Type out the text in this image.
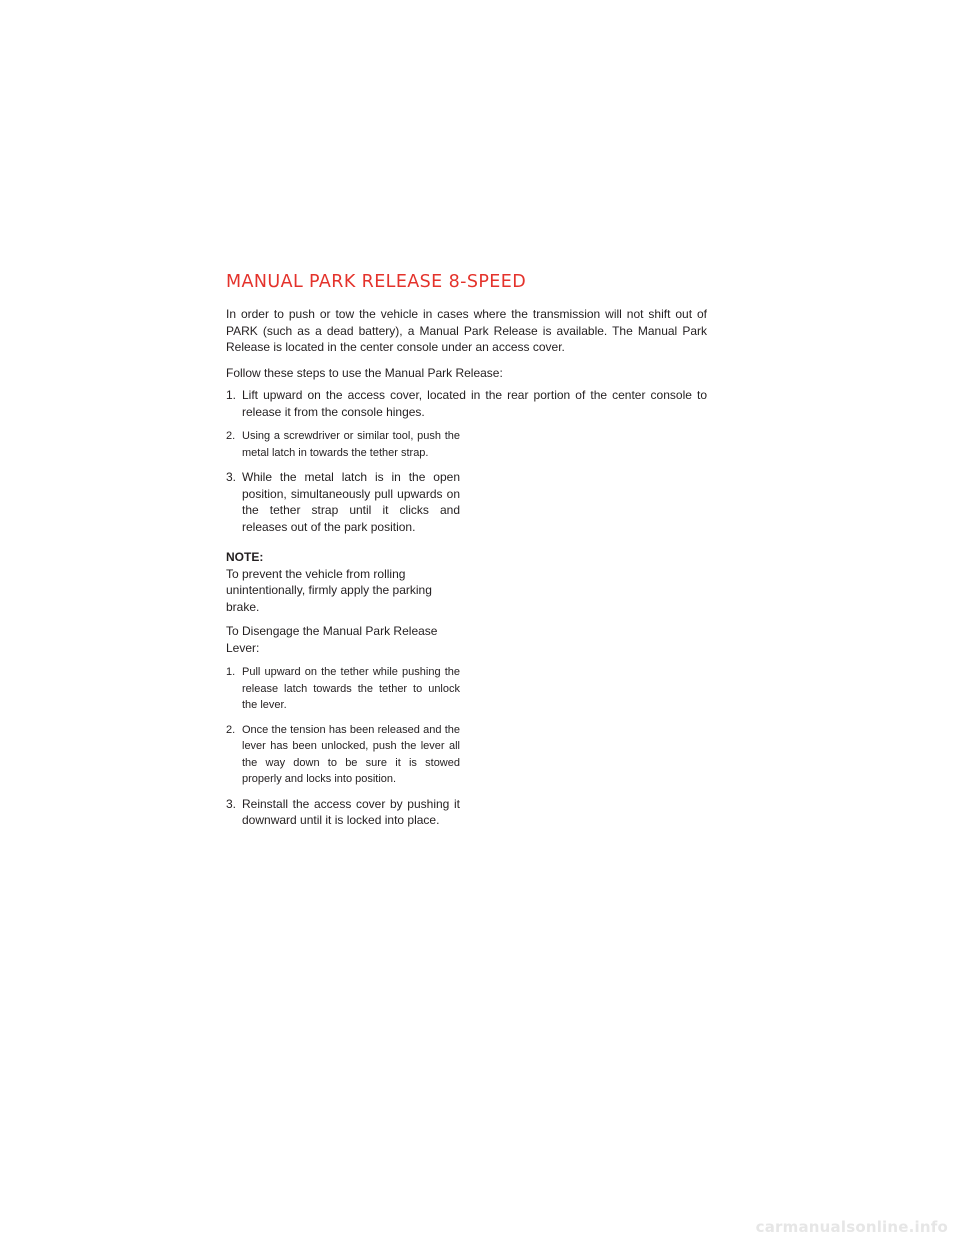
MANUAL PARK RELEASE 8-SPEED

In order to push or tow the vehicle in cases where the transmission will not shift out of PARK (such as a dead battery), a Manual Park Release is available. The Manual Park Release is located in the center console under an access cover.

Follow these steps to use the Manual Park Release:

1. Lift upward on the access cover, located in the rear portion of the center console to release it from the console hinges.
2. Using a screwdriver or similar tool, push the metal latch in towards the tether strap.
3. While the metal latch is in the open position, simultaneously pull upwards on the tether strap until it clicks and releases out of the park position.

NOTE:

To prevent the vehicle from rolling unintentionally, firmly apply the parking brake.

To Disengage the Manual Park Release Lever:

1. Pull upward on the tether while pushing the release latch towards the tether to unlock the lever.
2. Once the tension has been released and the lever has been unlocked, push the lever all the way down to be sure it is stowed properly and locks into position.
3. Reinstall the access cover by pushing it downward until it is locked into place.
carmanualsonline.info
